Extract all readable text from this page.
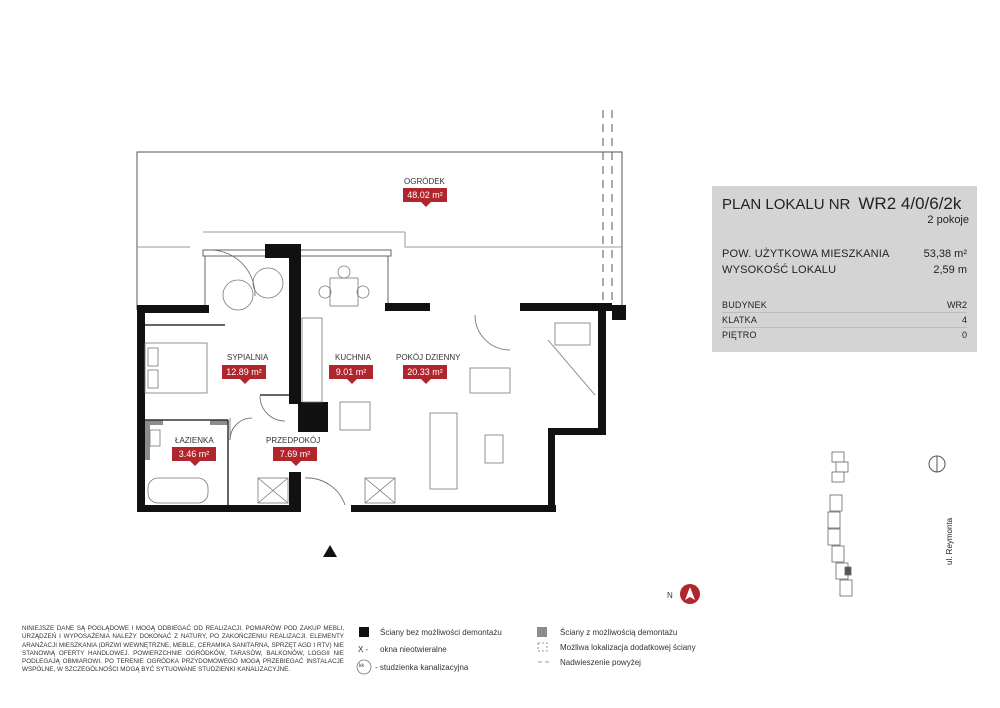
N
PLAN LOKALU NR WR2 4/0/6/2k
2 pokoje
POW. UŻYTKOWA MIESZKANIA	53,38 m²
WYSOKOŚĆ LOKALU	2,59 m
BUDYNEK	WR2
KLATKA	4
PIĘTRO	0
OGRÓDEK
48.02 m²
SYPIALNIA
12.89 m²
KUCHNIA
9.01 m²
POKÓJ DZIENNY
20.33 m²
ŁAZIENKA
3.46 m²
PRZEDPOKÓJ
7.69 m²
ul. Reymonta
NINIEJSZE DANE SĄ POGLĄDOWE I MOGĄ ODBIEGAĆ OD REALIZACJI. POMIARÓW POD ZAKUP MEBLI, URZĄDZEŃ I WYPOSAŻENIA NALEŻY DOKONAĆ Z NATURY, PO ZAKOŃCZENIU REALIZACJI. ELEMENTY ARANŻACJI MIESZKANIA (DRZWI WEWNĘTRZNE, MEBLE, CERAMIKA SANITARNA, SPRZĘT AGD I RTV) NIE STANOWIĄ OFERTY HANDLOWEJ. POWIERZCHNIE OGRÓDKÓW, TARASÓW, BALKONÓW, LOGGII NIE PODLEGAJĄ OBMIAROWI. PO TERENIE OGRÓDKA PRZYDOMOWEGO MOGĄ PRZEBIEGAĆ INSTALACJE WSPÓLNE, W SZCZEGÓLNOŚCI MOGĄ BYĆ SYTUOWANE STUDZIENKI KANALIZACYJNE.
Ściany bez możliwości demontażu
X - okna nieotwieralne
kk - studzienka kanalizacyjna
Ściany z możliwością demontażu
Możliwa lokalizacja dodatkowej ściany
Nadwieszenie powyżej
